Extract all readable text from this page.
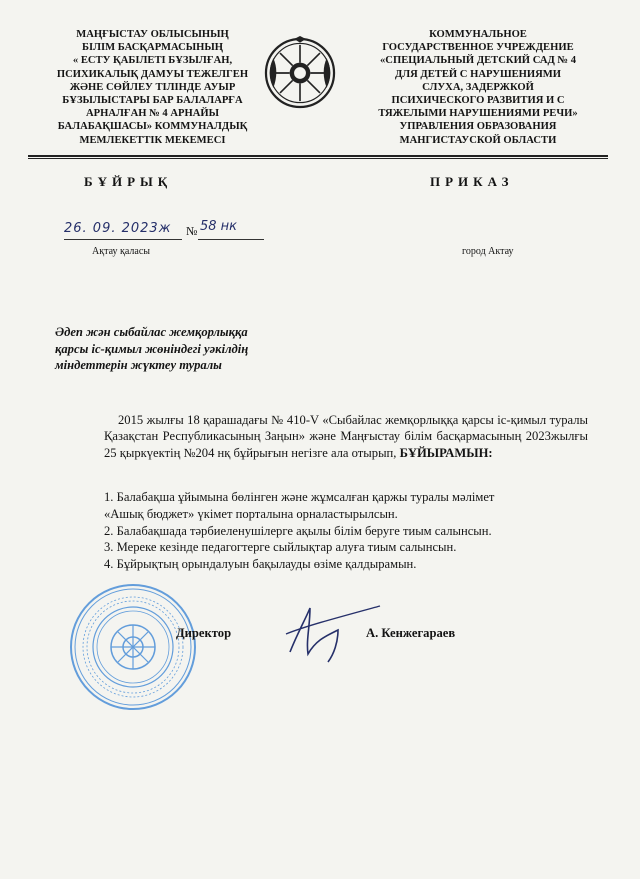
МАҢҒЫСТАУ ОБЛЫСЫНЫҢ
БІЛІМ БАСҚАРМАСЫНЫҢ
« ЕСТУ ҚАБІЛЕТІ БҰЗЫЛҒАН,
ПСИХИКАЛЫҚ ДАМУЫ ТЕЖЕЛГЕН
ЖӘНЕ СӨЙЛЕУ ТІЛІНДЕ АУЫР
БҰЗЫЛЫСТАРЫ БАР БАЛАЛАРҒА
АРНАЛҒАН № 4 АРНАЙЫ
БАЛАБАҚШАСЫ» КОММУНАЛДЫҚ
МЕМЛЕКЕТТІК МЕКЕМЕСІ
КОММУНАЛЬНОЕ
ГОСУДАРСТВЕННОЕ УЧРЕЖДЕНИЕ
«СПЕЦИАЛЬНЫЙ ДЕТСКИЙ САД № 4
ДЛЯ ДЕТЕЙ С НАРУШЕНИЯМИ
СЛУХА, ЗАДЕРЖКОЙ
ПСИХИЧЕСКОГО РАЗВИТИЯ И С
ТЯЖЕЛЫМИ НАРУШЕНИЯМИ РЕЧИ»
УПРАВЛЕНИЯ ОБРАЗОВАНИЯ
МАНГИСТАУСКОЙ ОБЛАСТИ
БҰЙРЫҚ	ПРИКАЗ
26. 09. 2023ж № 58 нк
Ақтау қаласы	город Актау
Әдеп жән сыбайлас жемқорлыққа
қарсы іс-қимыл жөніндегі уәкілдің
міндеттерін жүктеу туралы

2015 жылғы 18 қарашадағы № 410-V «Сыбайлас жемқорлыққа қарсы іс-қимыл туралы Қазақстан Республикасының Заңын» және Маңғыстау білім басқармасының 2023жылғы 25 қыркүектің №204 нқ бұйрығын негізге ала отырып, БҰЙЫРАМЫН:

1. Балабақша ұйымына бөлінген және жұмсалған қаржы туралы мәлімет
«Ашық бюджет» үкімет порталына орналастырылсын.
2. Балабақшада тәрбиеленушілерге ақылы білім беруге тиым салынсын.
3. Мереке кезінде педагогтерге сыйлықтар алуға тиым салынсын.
4. Бұйрықтың орындалуын бақылауды өзіме қалдырамын.
Директор	А. Кенжегараев
